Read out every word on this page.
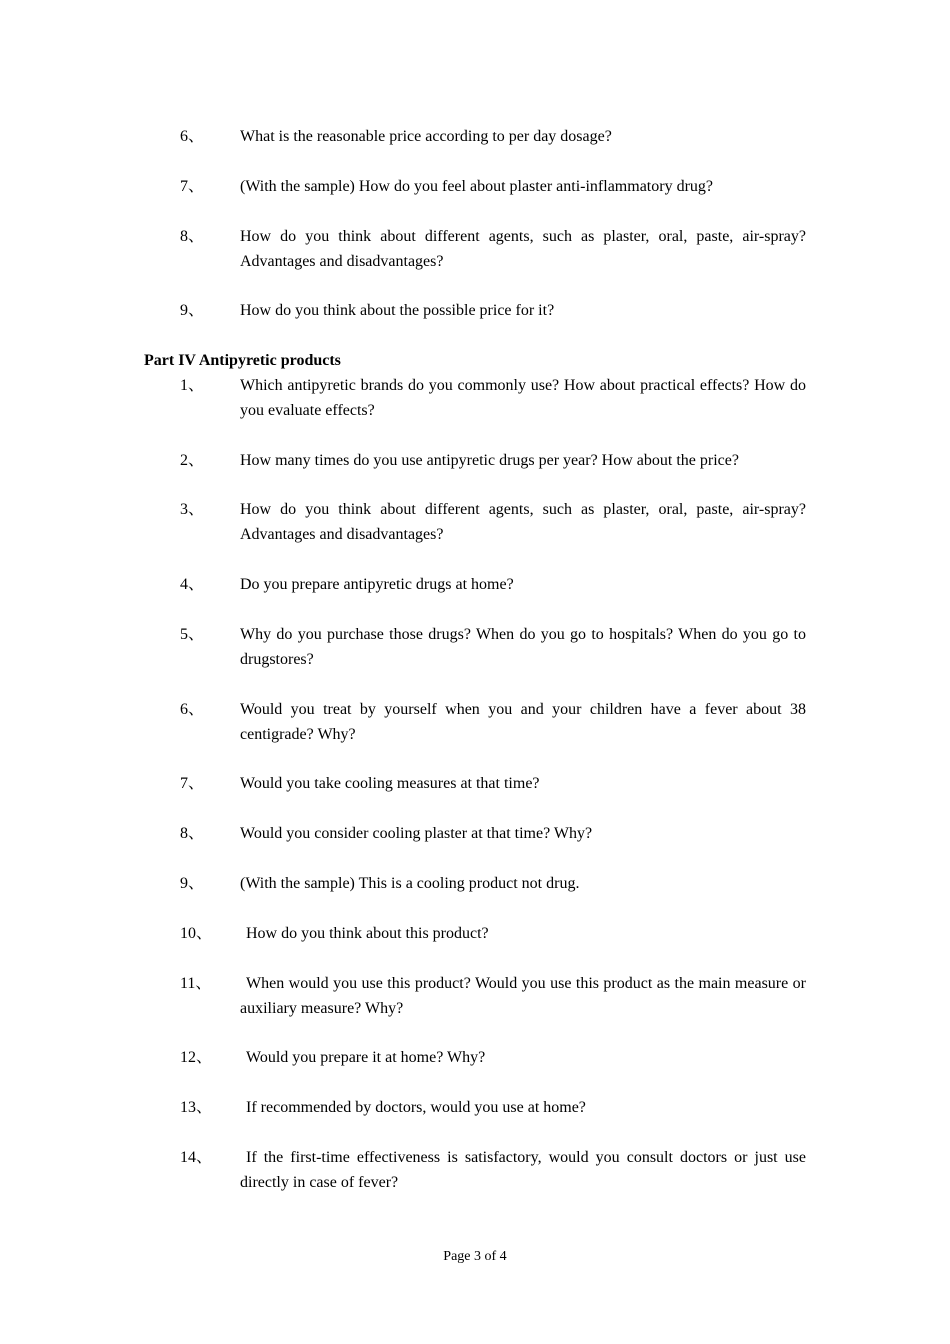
6、 What is the reasonable price according to per day dosage?
7、 (With the sample) How do you feel about plaster anti-inflammatory drug?
8、 How do you think about different agents, such as plaster, oral, paste, air-spray? Advantages and disadvantages?
9、 How do you think about the possible price for it?
Part IV Antipyretic products
1、 Which antipyretic brands do you commonly use? How about practical effects? How do you evaluate effects?
2、 How many times do you use antipyretic drugs per year? How about the price?
3、 How do you think about different agents, such as plaster, oral, paste, air-spray? Advantages and disadvantages?
4、 Do you prepare antipyretic drugs at home?
5、 Why do you purchase those drugs? When do you go to hospitals? When do you go to drugstores?
6、 Would you treat by yourself when you and your children have a fever about 38 centigrade? Why?
7、 Would you take cooling measures at that time?
8、 Would you consider cooling plaster at that time? Why?
9、 (With the sample) This is a cooling product not drug.
10、 How do you think about this product?
11、 When would you use this product? Would you use this product as the main measure or auxiliary measure? Why?
12、 Would you prepare it at home? Why?
13、 If recommended by doctors, would you use at home?
14、 If the first-time effectiveness is satisfactory, would you consult doctors or just use directly in case of fever?
Page 3 of 4
